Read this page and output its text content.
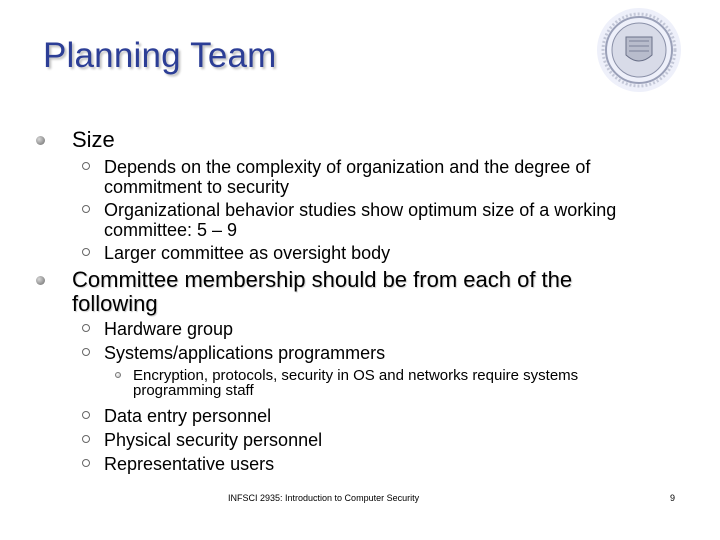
Planning Team
Size
Depends on the complexity of organization and the degree of
commitment to security
Organizational behavior studies show optimum size of a working
committee: 5 – 9
Larger committee as oversight body
Committee membership should be from each of the
following
Hardware group
Systems/applications programmers
Encryption, protocols, security in OS and networks require systems
programming staff
Data entry personnel
Physical security personnel
Representative users
INFSCI 2935: Introduction to Computer Security	9
